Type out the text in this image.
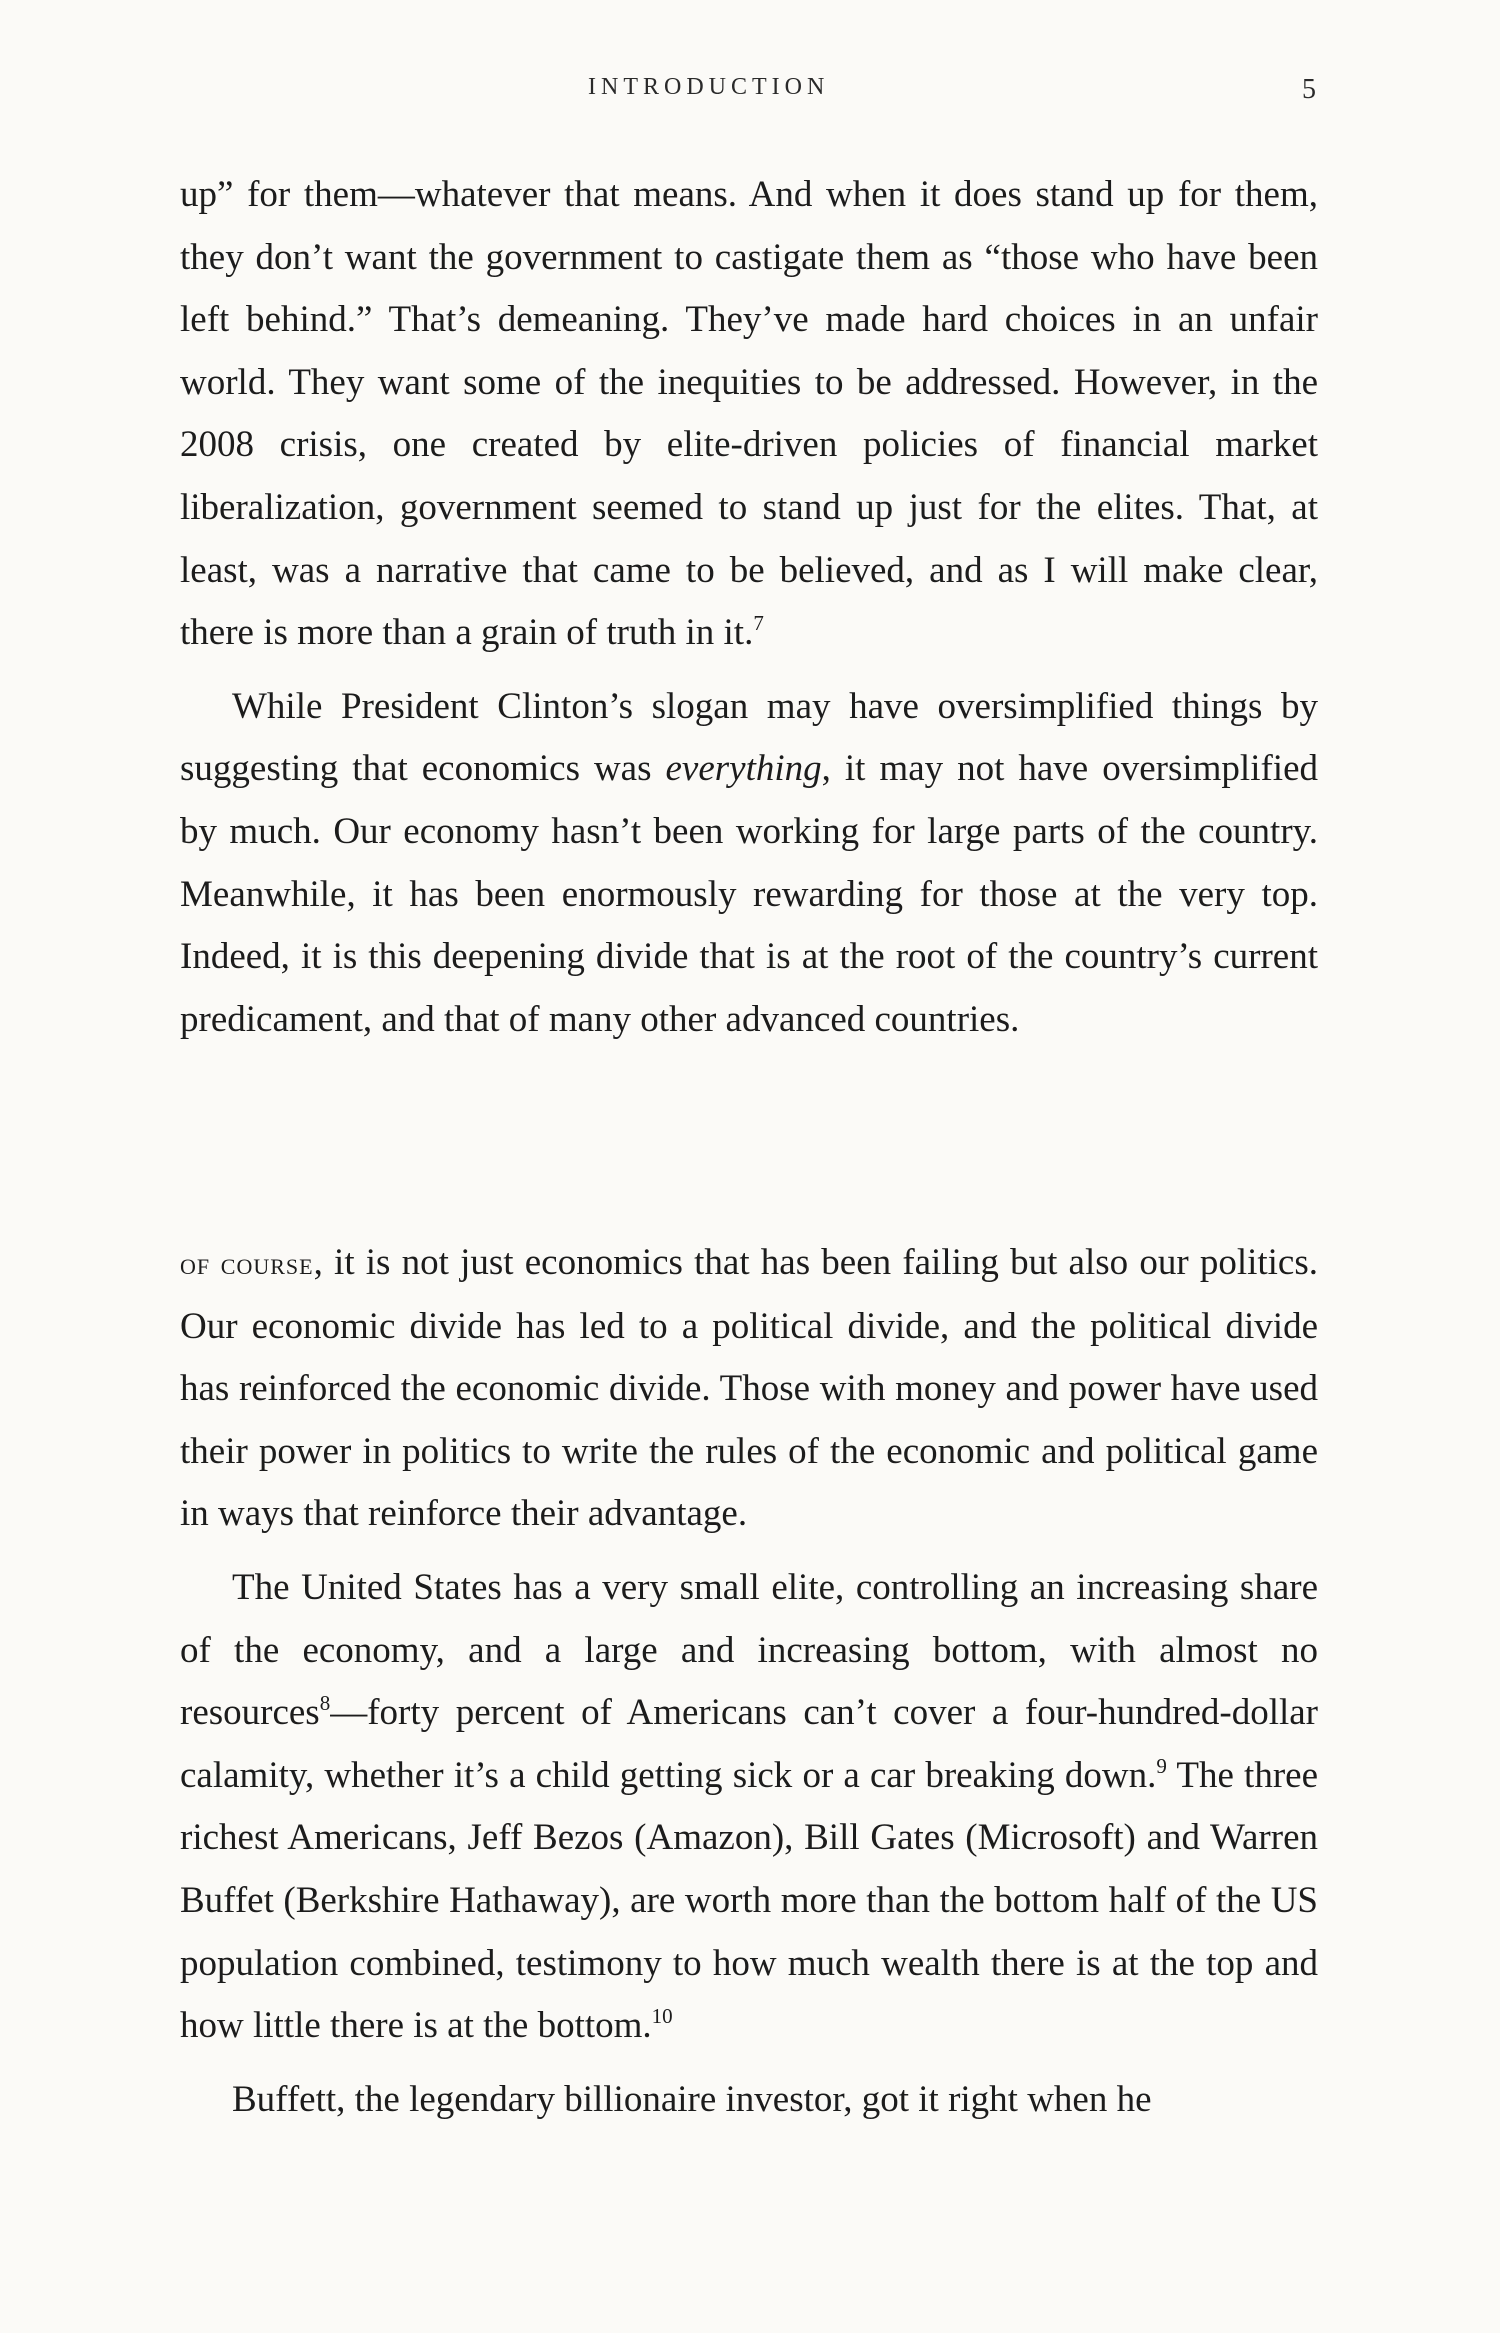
INTRODUCTION	5

up” for them—whatever that means. And when it does stand up for them, they don’t want the government to castigate them as “those who have been left behind.” That’s demeaning. They’ve made hard choices in an unfair world. They want some of the inequities to be addressed. However, in the 2008 crisis, one created by elite-driven policies of financial market liberalization, government seemed to stand up just for the elites. That, at least, was a narrative that came to be believed, and as I will make clear, there is more than a grain of truth in it.$^7$

While President Clinton’s slogan may have oversimplified things by suggesting that economics was everything, it may not have oversimplified by much. Our economy hasn’t been working for large parts of the country. Meanwhile, it has been enormously rewarding for those at the very top. Indeed, it is this deepening divide that is at the root of the country’s current predicament, and that of many other advanced countries.

of course, it is not just economics that has been failing but also our politics. Our economic divide has led to a political divide, and the political divide has reinforced the economic divide. Those with money and power have used their power in politics to write the rules of the economic and political game in ways that reinforce their advantage.

The United States has a very small elite, controlling an increasing share of the economy, and a large and increasing bottom, with almost no resources$^8$—forty percent of Americans can’t cover a four-hundred-dollar calamity, whether it’s a child getting sick or a car breaking down.$^9$ The three richest Americans, Jeff Bezos (Amazon), Bill Gates (Microsoft) and Warren Buffet (Berkshire Hathaway), are worth more than the bottom half of the US population combined, testimony to how much wealth there is at the top and how little there is at the bottom.$^{10}$

Buffett, the legendary billionaire investor, got it right when he
